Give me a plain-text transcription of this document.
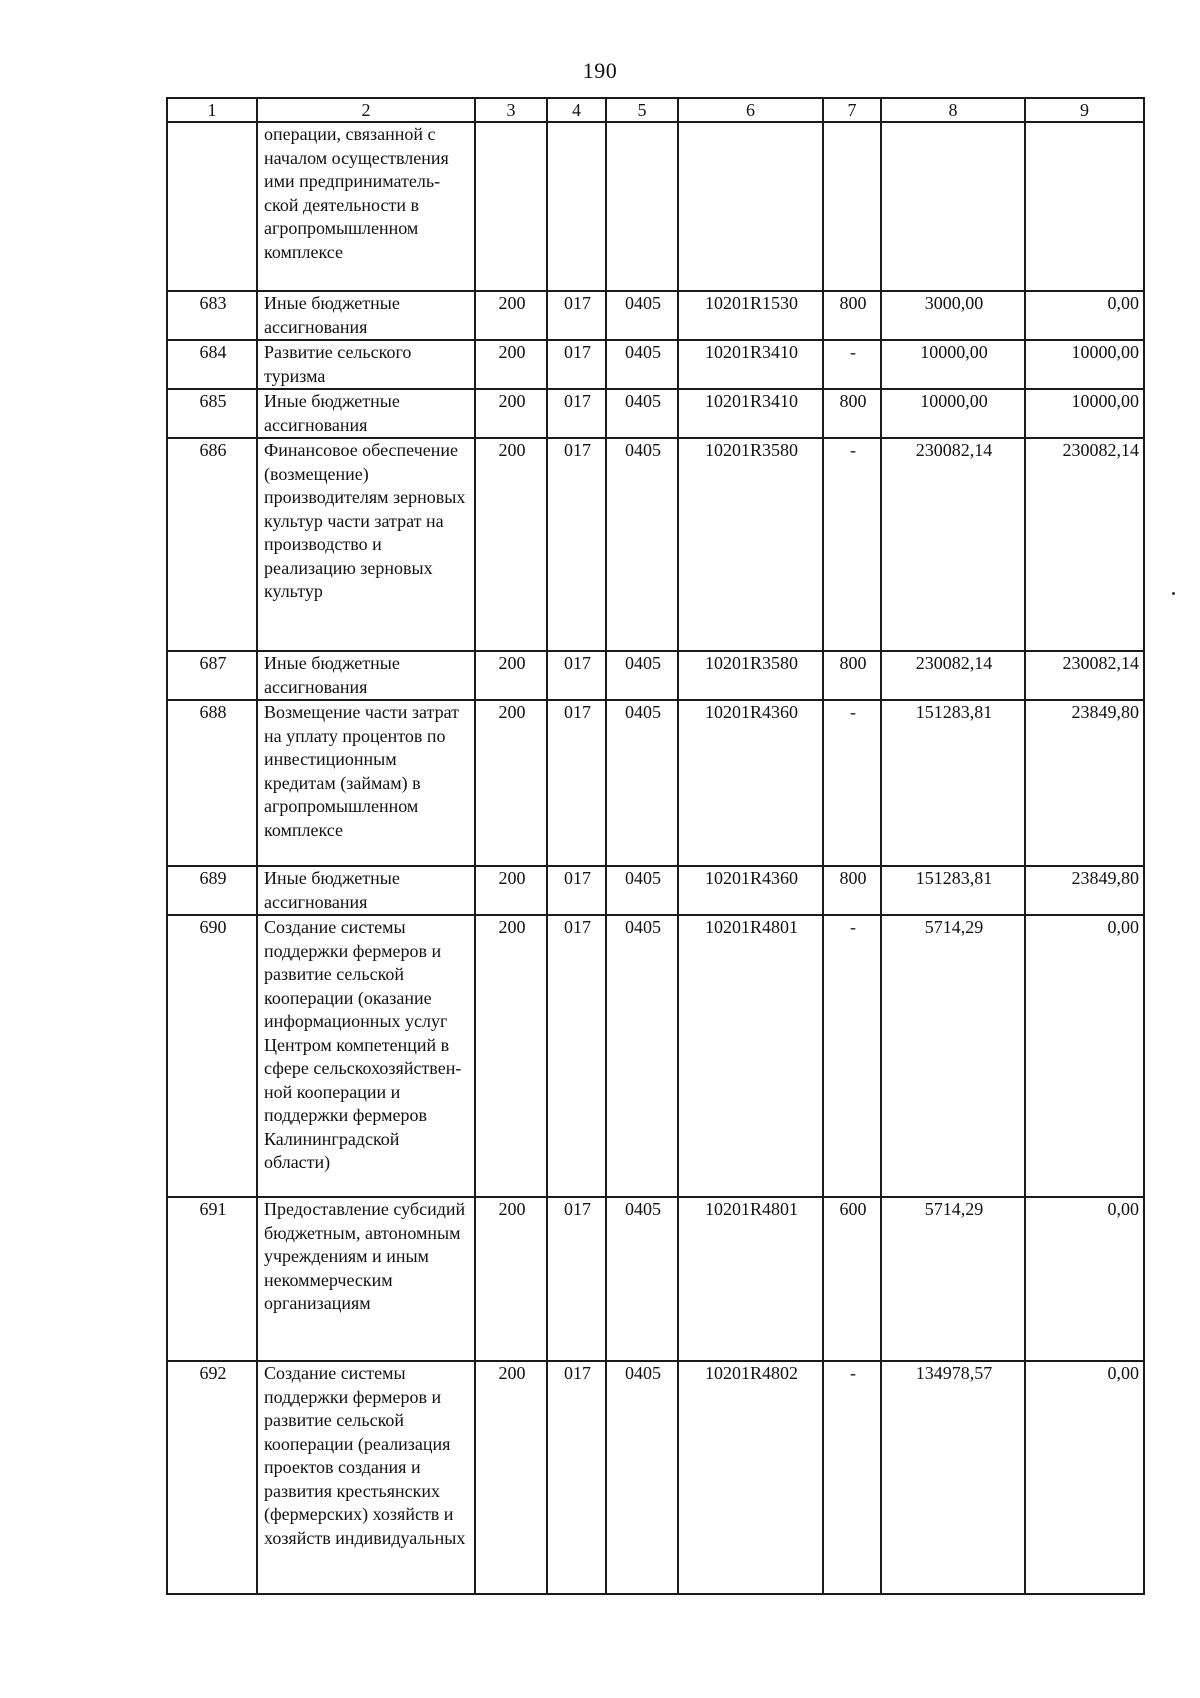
190
1	2	3	4	5	6	7	8	9
	операции, связанной с началом осуществления ими предприниматель-ской деятельности в агропромышленном комплексе							
683	Иные бюджетные ассигнования	200	017	0405	10201R1530	800	3000,00	0,00
684	Развитие сельского туризма	200	017	0405	10201R3410	-	10000,00	10000,00
685	Иные бюджетные ассигнования	200	017	0405	10201R3410	800	10000,00	10000,00
686	Финансовое обеспечение (возмещение) производителям зерновых культур части затрат на производство и реализацию зерновых культур	200	017	0405	10201R3580	-	230082,14	230082,14
687	Иные бюджетные ассигнования	200	017	0405	10201R3580	800	230082,14	230082,14
688	Возмещение части затрат на уплату процентов по инвестиционным кредитам (займам) в агропромышленном комплексе	200	017	0405	10201R4360	-	151283,81	23849,80
689	Иные бюджетные ассигнования	200	017	0405	10201R4360	800	151283,81	23849,80
690	Создание системы поддержки фермеров и развитие сельской кооперации (оказание информационных услуг Центром компетенций в сфере сельскохозяйствен-ной кооперации и поддержки фермеров Калининградской области)	200	017	0405	10201R4801	-	5714,29	0,00
691	Предоставление субсидий бюджетным, автономным учреждениям и иным некоммерческим организациям	200	017	0405	10201R4801	600	5714,29	0,00
692	Создание системы поддержки фермеров и развитие сельской кооперации (реализация проектов создания и развития крестьянских (фермерских) хозяйств и хозяйств индивидуальных	200	017	0405	10201R4802	-	134978,57	0,00
